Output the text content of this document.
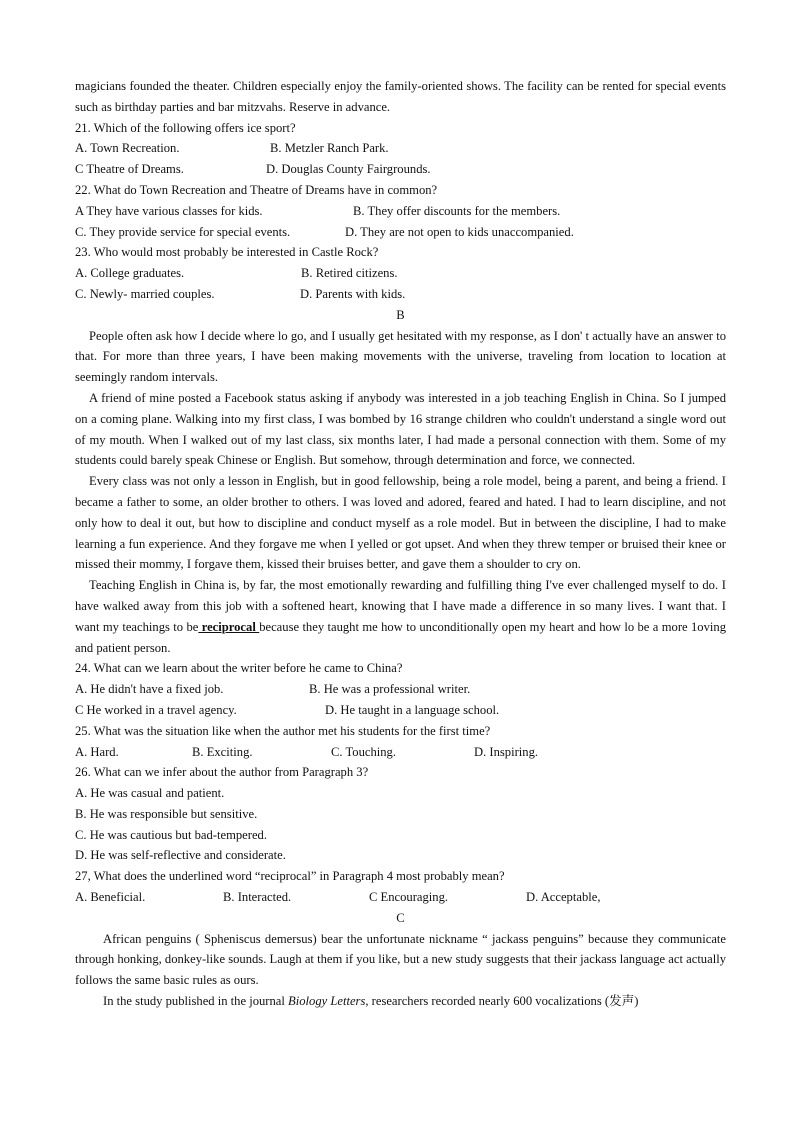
magicians founded the theater. Children especially enjoy the family-oriented shows. The facility can be rented for special events such as birthday parties and bar mitzvahs. Reserve in advance.

21. Which of the following offers ice sport?

A. Town Recreation.	B. Metzler Ranch Park.
C Theatre of Dreams.	D. Douglas County Fairgrounds.

22. What do Town Recreation and Theatre of Dreams have in common?

A They have various classes for kids.	B. They offer discounts for the members.
C. They provide service for special events.	D. They are not open to kids unaccompanied.

23. Who would most probably be interested in Castle Rock?

A. College graduates.	B. Retired citizens.
C. Newly- married couples.	D. Parents with kids.

B

People often ask how I decide where lo go, and I usually get hesitated with my response, as I don' t actually have an answer to that. For more than three years, I have been making movements with the universe, traveling from location to location at seemingly random intervals.

A friend of mine posted a Facebook status asking if anybody was interested in a job teaching English in China. So I jumped on a coming plane. Walking into my first class, I was bombed by 16 strange children who couldn't understand a single word out of my mouth. When I walked out of my last class, six months later, I had made a personal connection with them. Some of my students could barely speak Chinese or English. But somehow, through determination and force, we connected.

Every class was not only a lesson in English, but in good fellowship, being a role model, being a parent, and being a friend. I became a father to some, an older brother to others. I was loved and adored, feared and hated. I had to learn discipline, and not only how to deal it out, but how to discipline and conduct myself as a role model. But in between the discipline, I had to make learning a fun experience. And they forgave me when I yelled or got upset. And when they threw temper or bruised their knee or missed their mommy, I forgave them, kissed their bruises better, and gave them a shoulder to cry on.

Teaching English in China is, by far, the most emotionally rewarding and fulfilling thing I've ever challenged myself to do. I have walked away from this job with a softened heart, knowing that I have made a difference in so many lives. I want that. I want my teachings to be reciprocal because they taught me how to unconditionally open my heart and how lo be a more 1oving and patient person.

24. What can we learn about the writer before he came to China?

A. He didn't have a fixed job.	B. He was a professional writer.
C He worked in a travel agency.	D. He taught in a language school.

25. What was the situation like when the author met his students for the first time?

A. Hard.	B. Exciting.	C. Touching.	D. Inspiring.

26. What can we infer about the author from Paragraph 3?

A. He was casual and patient.

B. He was responsible but sensitive.

C. He was cautious but bad-tempered.

D. He was self-reflective and considerate.

27, What does the underlined word “reciprocal” in Paragraph 4 most probably mean?

A. Beneficial.	B. Interacted.	C Encouraging.	D. Acceptable,

C

African penguins ( Spheniscus demersus) bear the unfortunate nickname “ jackass penguins” because they communicate through honking, donkey-like sounds. Laugh at them if you like, but a new study suggests that their jackass language act actually follows the same basic rules as ours.

In the study published in the journal Biology Letters, researchers recorded nearly 600 vocalizations (发声)
